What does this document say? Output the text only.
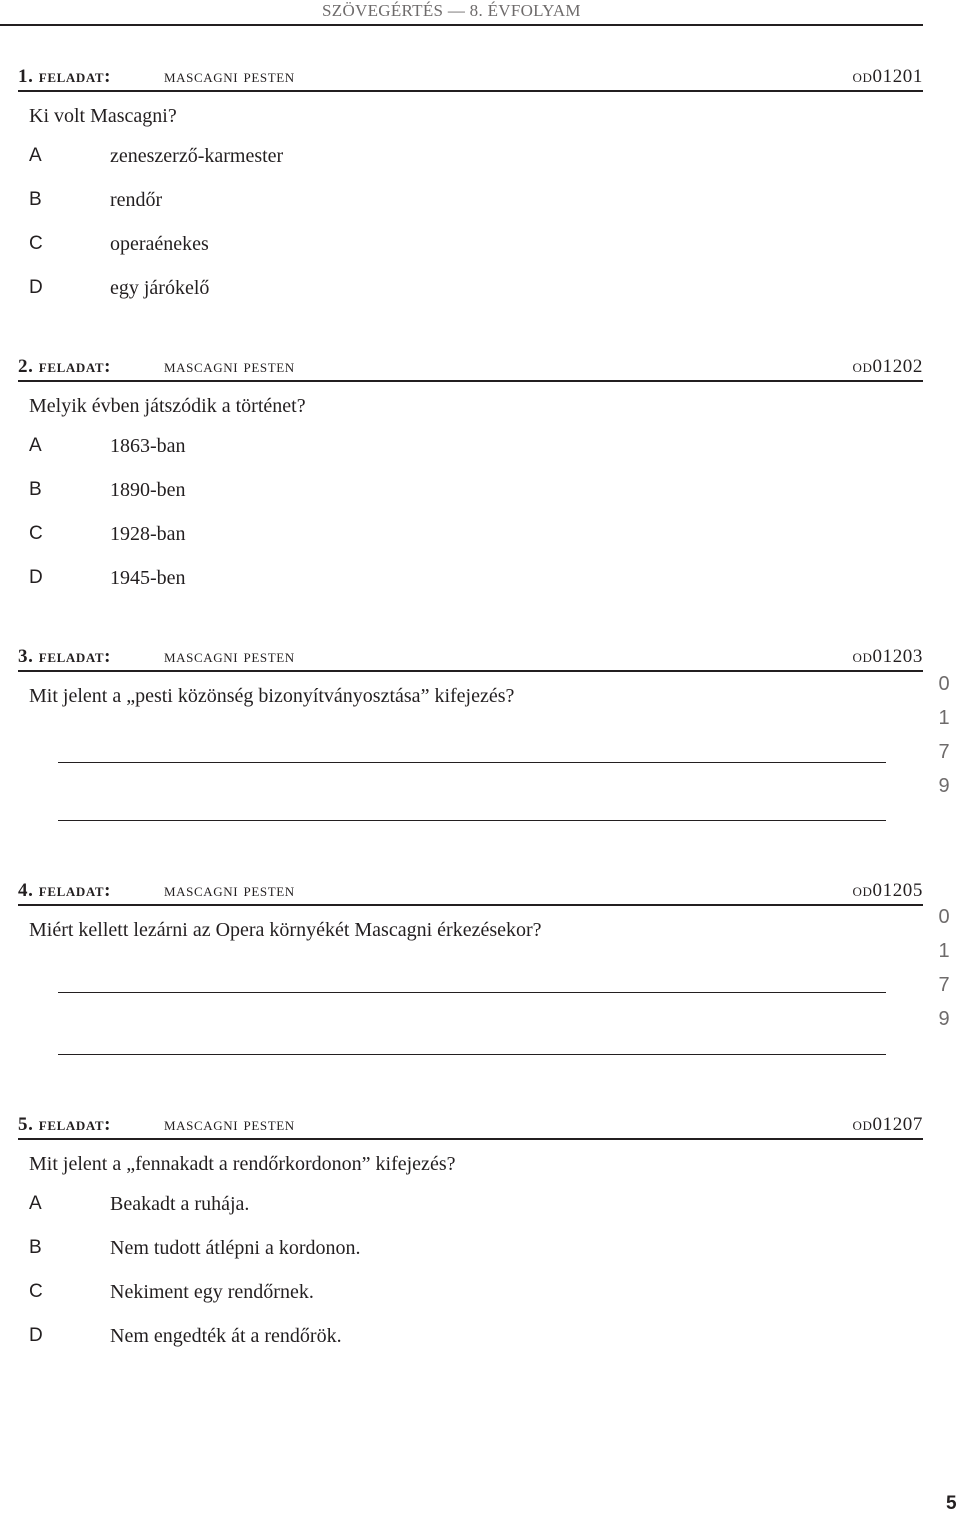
SZÖVEGÉRTÉS — 8. ÉVFOLYAM
1. feladat:	mascagni pesten	od01201
Ki volt Mascagni?
A	zeneszerző-karmester
B	rendőr
C	operaénekes
D	egy járókelő
2. feladat:	mascagni pesten	od01202
Melyik évben játszódik a történet?
A	1863-ban
B	1890-ben
C	1928-ban
D	1945-ben
3. feladat:	mascagni pesten	od01203
Mit jelent a „pesti közönség bizonyítványosztása” kifejezés?
0
1
7
9
4. feladat:	mascagni pesten	od01205
Miért kellett lezárni az Opera környékét Mascagni érkezésekor?
0
1
7
9
5. feladat:	mascagni pesten	od01207
Mit jelent a „fennakadt a rendőrkordonon” kifejezés?
A	Beakadt a ruhája.
B	Nem tudott átlépni a kordonon.
C	Nekiment egy rendőrnek.
D	Nem engedték át a rendőrök.
5
